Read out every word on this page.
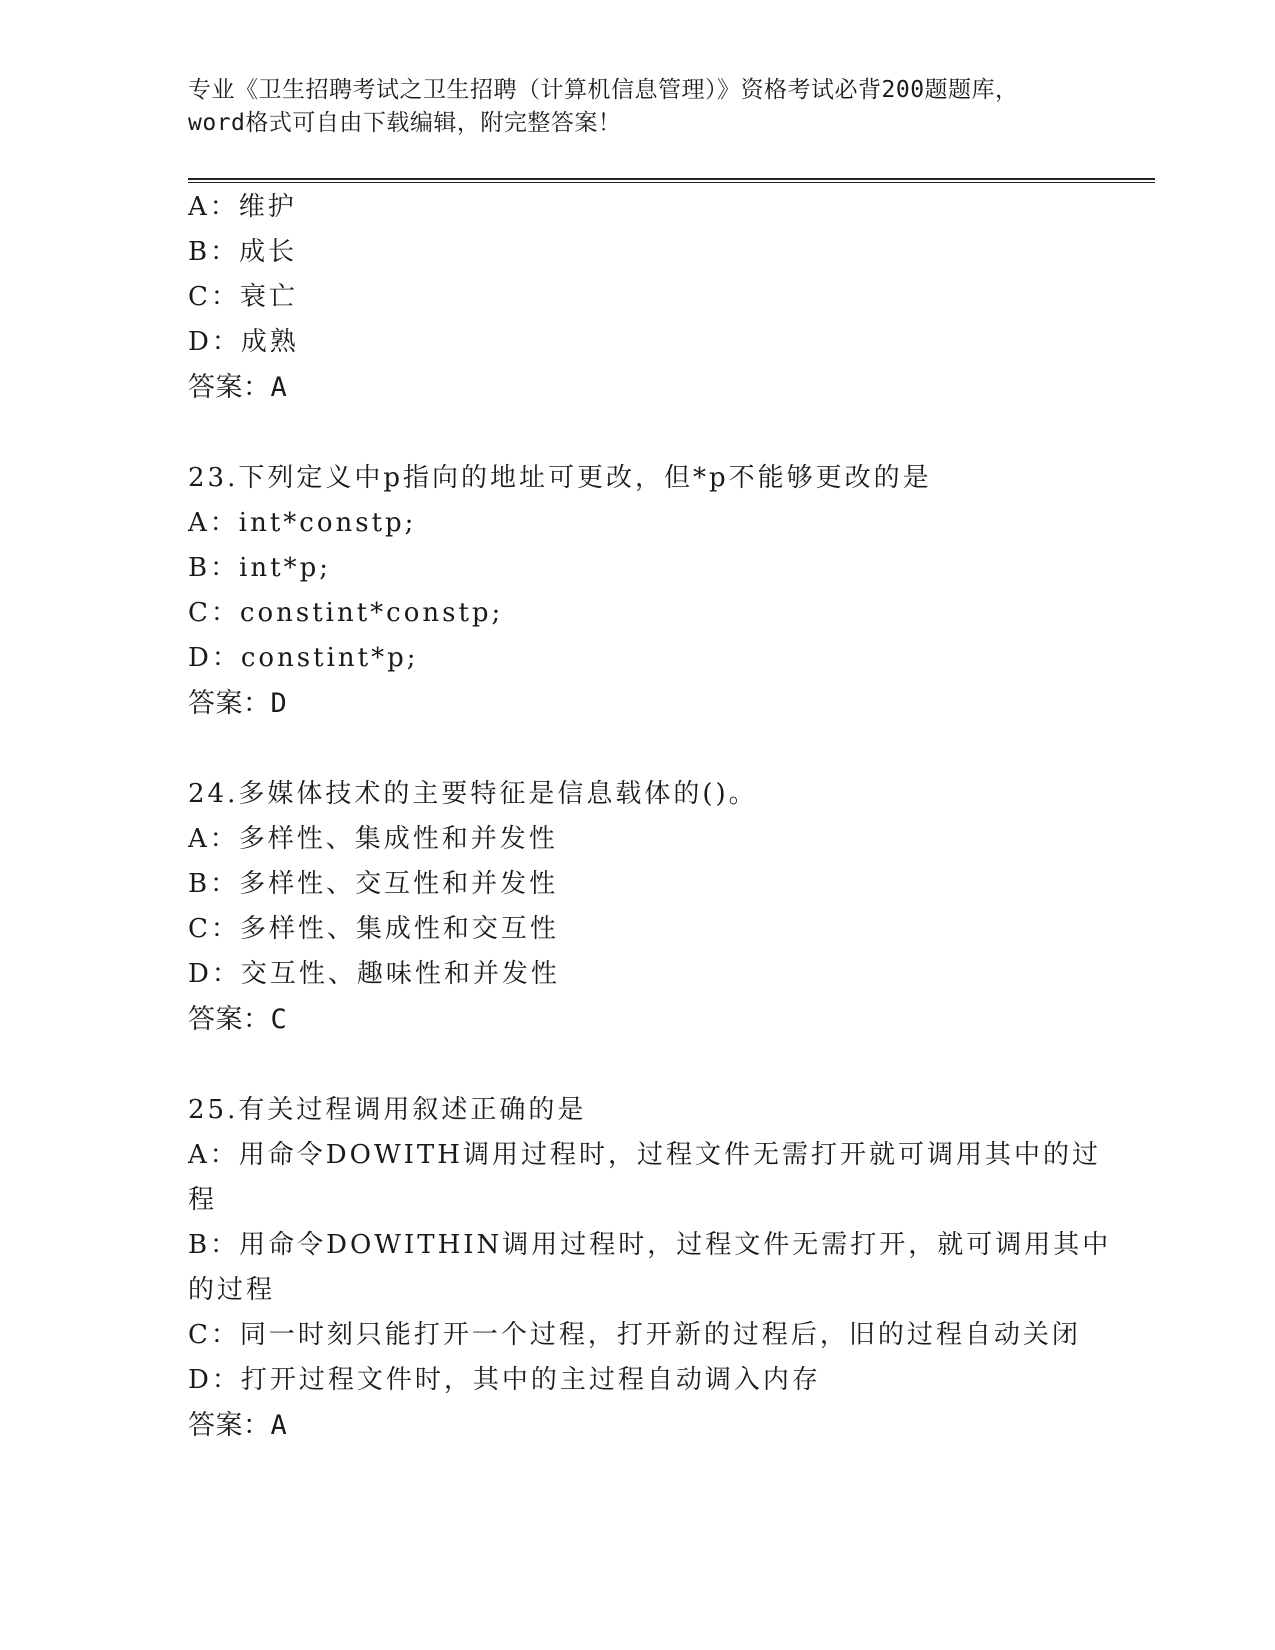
专业《卫生招聘考试之卫生招聘（计算机信息管理）》资格考试必背200题题库，
word格式可自由下载编辑，附完整答案！
A：维护
B：成长
C：衰亡
答案：A
D：成熟
23.下列定义中p指向的地址可更改，但*p不能够更改的是
A：int*constp;
B：int*p;
C：constint*constp;
D：constint*p;
答案：D
24.多媒体技术的主要特征是信息载体的()。
A：多样性、集成性和并发性
B：多样性、交互性和并发性
C：多样性、集成性和交互性
D：交互性、趣味性和并发性
答案：C
25.有关过程调用叙述正确的是
A：用命令DOWITH调用过程时，过程文件无需打开就可调用其中的过
程
B：用命令DOWITHIN调用过程时，过程文件无需打开，就可调用其中
的过程
C：同一时刻只能打开一个过程，打开新的过程后，旧的过程自动关闭
D：打开过程文件时，其中的主过程自动调入内存
答案：A
